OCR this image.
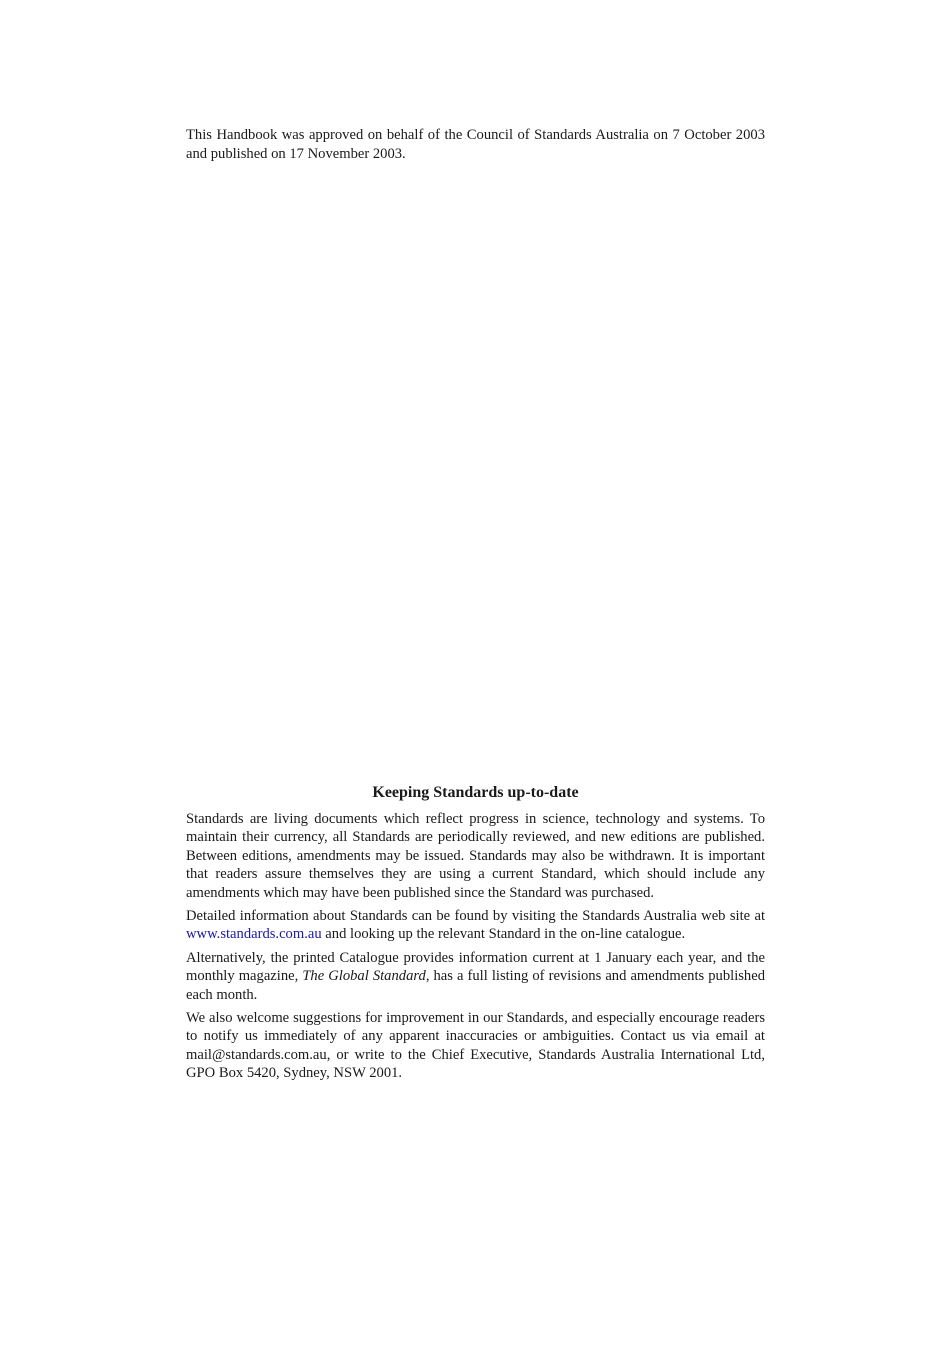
This Handbook was approved on behalf of the Council of Standards Australia on 7 October 2003 and published on 17 November 2003.

Keeping Standards up-to-date

Standards are living documents which reflect progress in science, technology and systems. To maintain their currency, all Standards are periodically reviewed, and new editions are published. Between editions, amendments may be issued. Standards may also be withdrawn. It is important that readers assure themselves they are using a current Standard, which should include any amendments which may have been published since the Standard was purchased.

Detailed information about Standards can be found by visiting the Standards Australia web site at www.standards.com.au and looking up the relevant Standard in the on-line catalogue.

Alternatively, the printed Catalogue provides information current at 1 January each year, and the monthly magazine, The Global Standard, has a full listing of revisions and amendments published each month.

We also welcome suggestions for improvement in our Standards, and especially encourage readers to notify us immediately of any apparent inaccuracies or ambiguities. Contact us via email at mail@standards.com.au, or write to the Chief Executive, Standards Australia International Ltd, GPO Box 5420, Sydney, NSW 2001.
